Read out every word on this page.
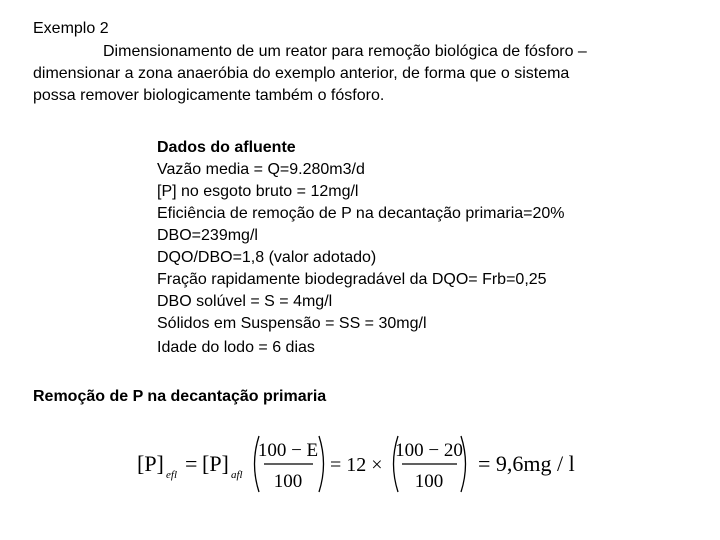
Exemplo 2
Dimensionamento de um reator para remoção biológica de fósforo –
dimensionar a zona anaeróbia do exemplo anterior, de forma que o sistema
possa remover biologicamente também o fósforo.
Dados do afluente
Vazão media = Q=9.280m3/d
[P] no esgoto bruto = 12mg/l
Eficiência de remoção de P na decantação primaria=20%
DBO=239mg/l
DQO/DBO=1,8 (valor adotado)
Fração rapidamente biodegradável da DQO= Frb=0,25
DBO solúvel = S = 4mg/l
Sólidos em Suspensão = SS = 30mg/l
Idade do lodo = 6 dias
Remoção de P na decantação primaria
[P] efl = [P] afl
100 − E
100
= 12 ×
100 − 20
100
= 9,6mg / l
